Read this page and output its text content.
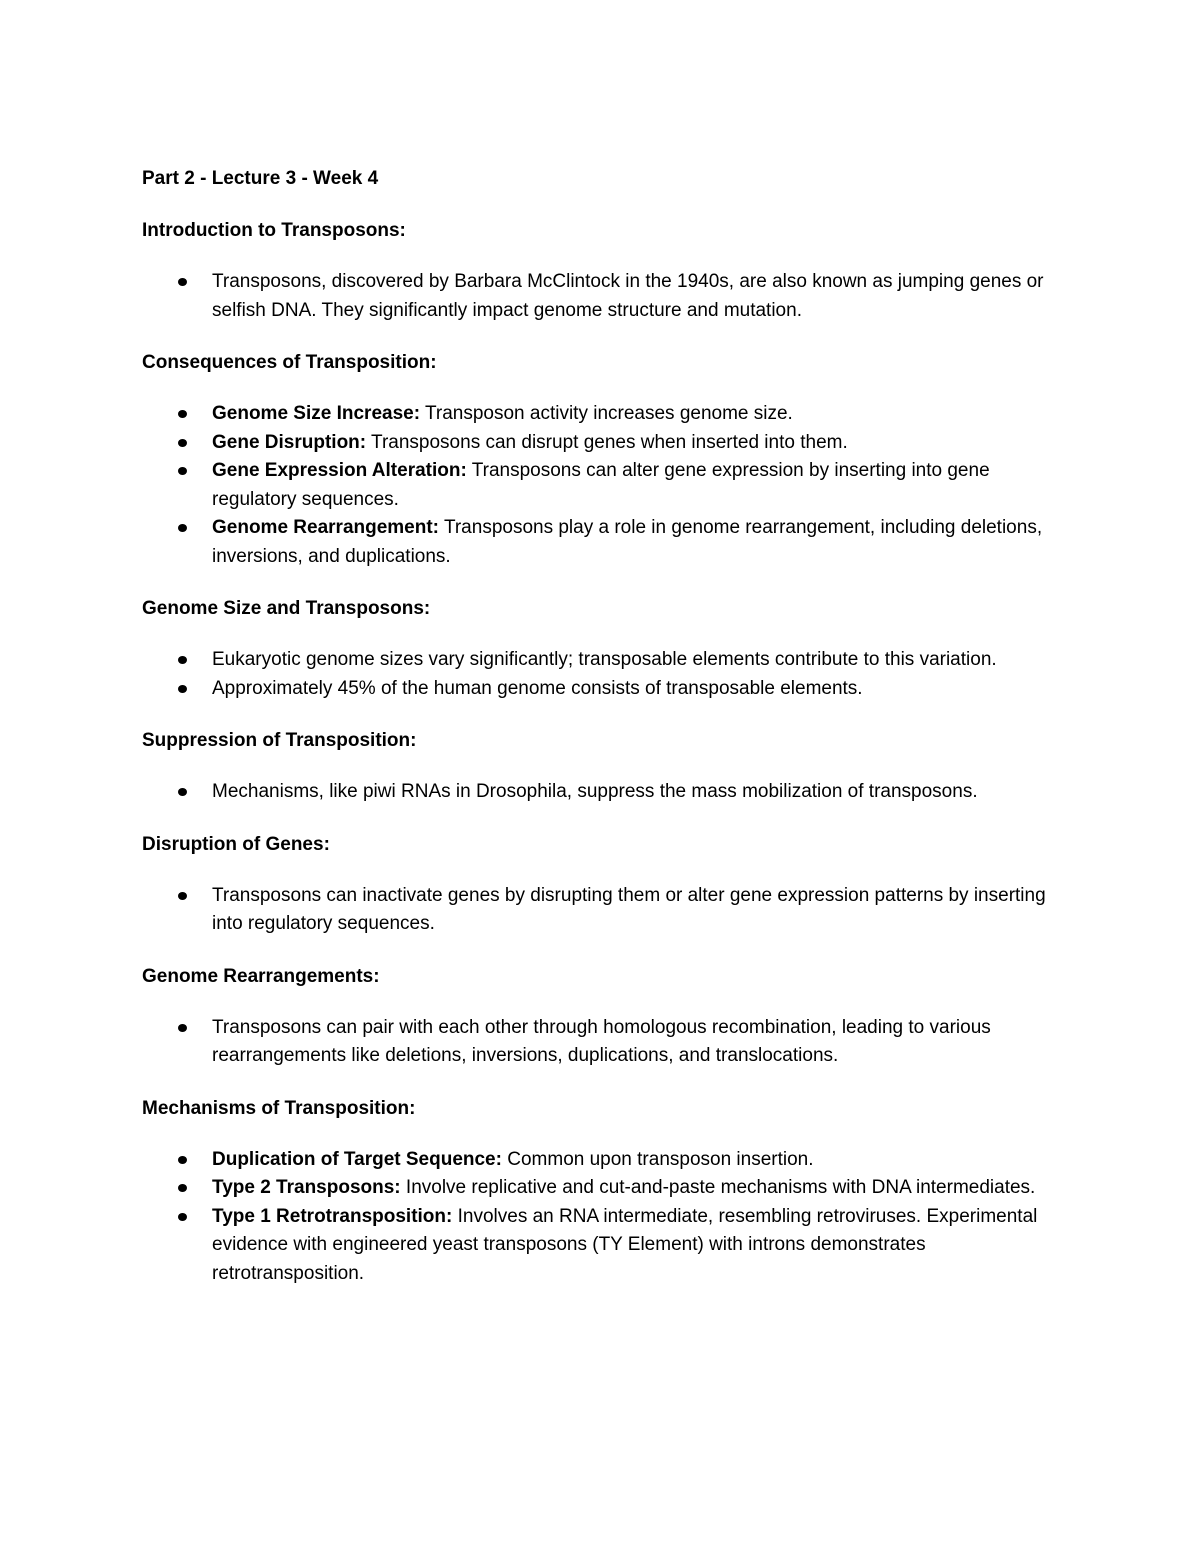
Part 2 - Lecture 3 - Week 4

Introduction to Transposons:

Transposons, discovered by Barbara McClintock in the 1940s, are also known as jumping genes or selfish DNA. They significantly impact genome structure and mutation.

Consequences of Transposition:

Genome Size Increase: Transposon activity increases genome size.
Gene Disruption: Transposons can disrupt genes when inserted into them.
Gene Expression Alteration: Transposons can alter gene expression by inserting into gene regulatory sequences.
Genome Rearrangement: Transposons play a role in genome rearrangement, including deletions, inversions, and duplications.

Genome Size and Transposons:

Eukaryotic genome sizes vary significantly; transposable elements contribute to this variation.
Approximately 45% of the human genome consists of transposable elements.

Suppression of Transposition:

Mechanisms, like piwi RNAs in Drosophila, suppress the mass mobilization of transposons.

Disruption of Genes:

Transposons can inactivate genes by disrupting them or alter gene expression patterns by inserting into regulatory sequences.

Genome Rearrangements:

Transposons can pair with each other through homologous recombination, leading to various rearrangements like deletions, inversions, duplications, and translocations.

Mechanisms of Transposition:

Duplication of Target Sequence: Common upon transposon insertion.
Type 2 Transposons: Involve replicative and cut-and-paste mechanisms with DNA intermediates.
Type 1 Retrotransposition: Involves an RNA intermediate, resembling retroviruses. Experimental evidence with engineered yeast transposons (TY Element) with introns demonstrates retrotransposition.
